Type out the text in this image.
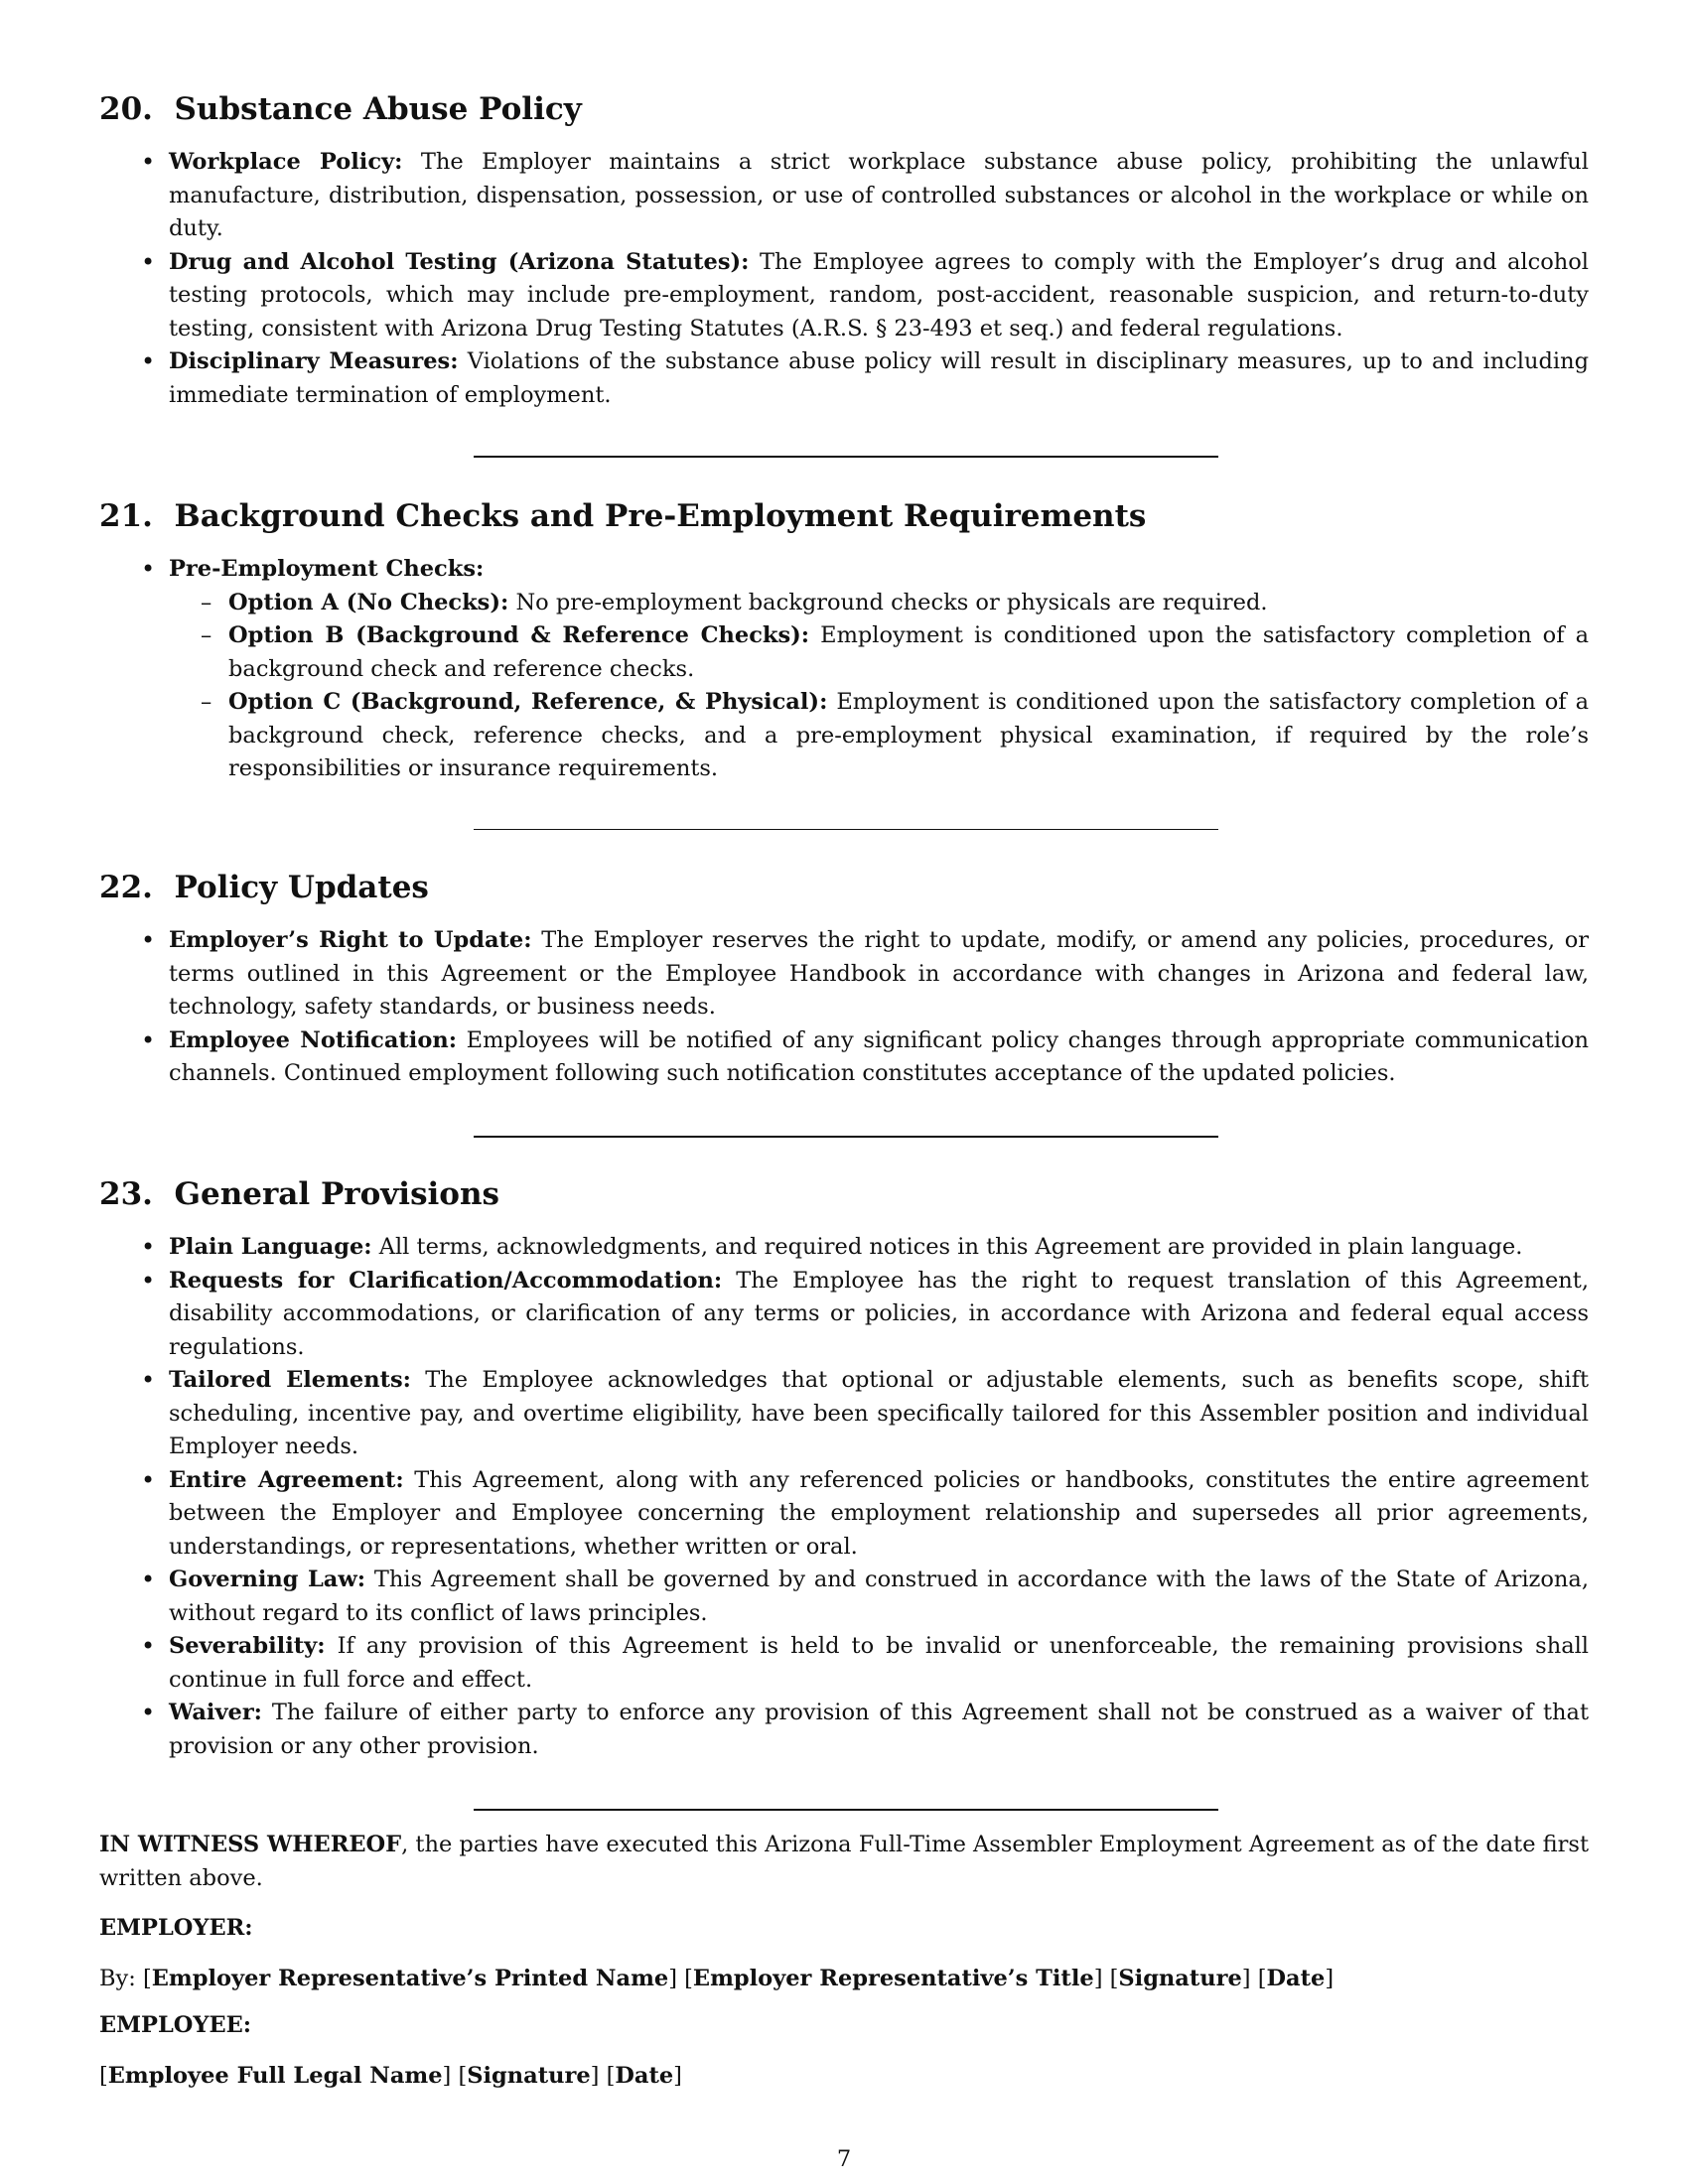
20.  Substance Abuse Policy
• Workplace Policy: The Employer maintains a strict workplace substance abuse policy, prohibiting the unlawful manufacture, distribution, dispensation, possession, or use of controlled substances or alcohol in the workplace or while on duty.
• Drug and Alcohol Testing (Arizona Statutes): The Employee agrees to comply with the Employer’s drug and alcohol testing protocols, which may include pre-employment, random, post-accident, reasonable suspicion, and return-to-duty testing, consistent with Arizona Drug Testing Statutes (A.R.S. § 23-493 et seq.) and federal regulations.
• Disciplinary Measures: Violations of the substance abuse policy will result in disciplinary measures, up to and including immediate termination of employment.
21.  Background Checks and Pre-Employment Requirements
• Pre-Employment Checks:
– Option A (No Checks): No pre-employment background checks or physicals are required.
– Option B (Background & Reference Checks): Employment is conditioned upon the satisfactory completion of a background check and reference checks.
– Option C (Background, Reference, & Physical): Employment is conditioned upon the satisfactory completion of a background check, reference checks, and a pre-employment physical examination, if required by the role’s responsibilities or insurance requirements.
22.  Policy Updates
• Employer’s Right to Update: The Employer reserves the right to update, modify, or amend any policies, procedures, or terms outlined in this Agreement or the Employee Handbook in accordance with changes in Arizona and federal law, technology, safety standards, or business needs.
• Employee Notification: Employees will be notified of any significant policy changes through appropriate communication channels. Continued employment following such notification constitutes acceptance of the updated policies.
23.  General Provisions
• Plain Language: All terms, acknowledgments, and required notices in this Agreement are provided in plain language.
• Requests for Clarification/Accommodation: The Employee has the right to request translation of this Agreement, disability accommodations, or clarification of any terms or policies, in accordance with Arizona and federal equal access regulations.
• Tailored Elements: The Employee acknowledges that optional or adjustable elements, such as benefits scope, shift scheduling, incentive pay, and overtime eligibility, have been specifically tailored for this Assembler position and individual Employer needs.
• Entire Agreement: This Agreement, along with any referenced policies or handbooks, constitutes the entire agreement between the Employer and Employee concerning the employment relationship and supersedes all prior agreements, understandings, or representations, whether written or oral.
• Governing Law: This Agreement shall be governed by and construed in accordance with the laws of the State of Arizona, without regard to its conflict of laws principles.
• Severability: If any provision of this Agreement is held to be invalid or unenforceable, the remaining provisions shall continue in full force and effect.
• Waiver: The failure of either party to enforce any provision of this Agreement shall not be construed as a waiver of that provision or any other provision.

IN WITNESS WHEREOF, the parties have executed this Arizona Full-Time Assembler Employment Agreement as of the date first written above.

EMPLOYER:

By: [Employer Representative’s Printed Name] [Employer Representative’s Title] [Signature] [Date]

EMPLOYEE:

[Employee Full Legal Name] [Signature] [Date]

7
